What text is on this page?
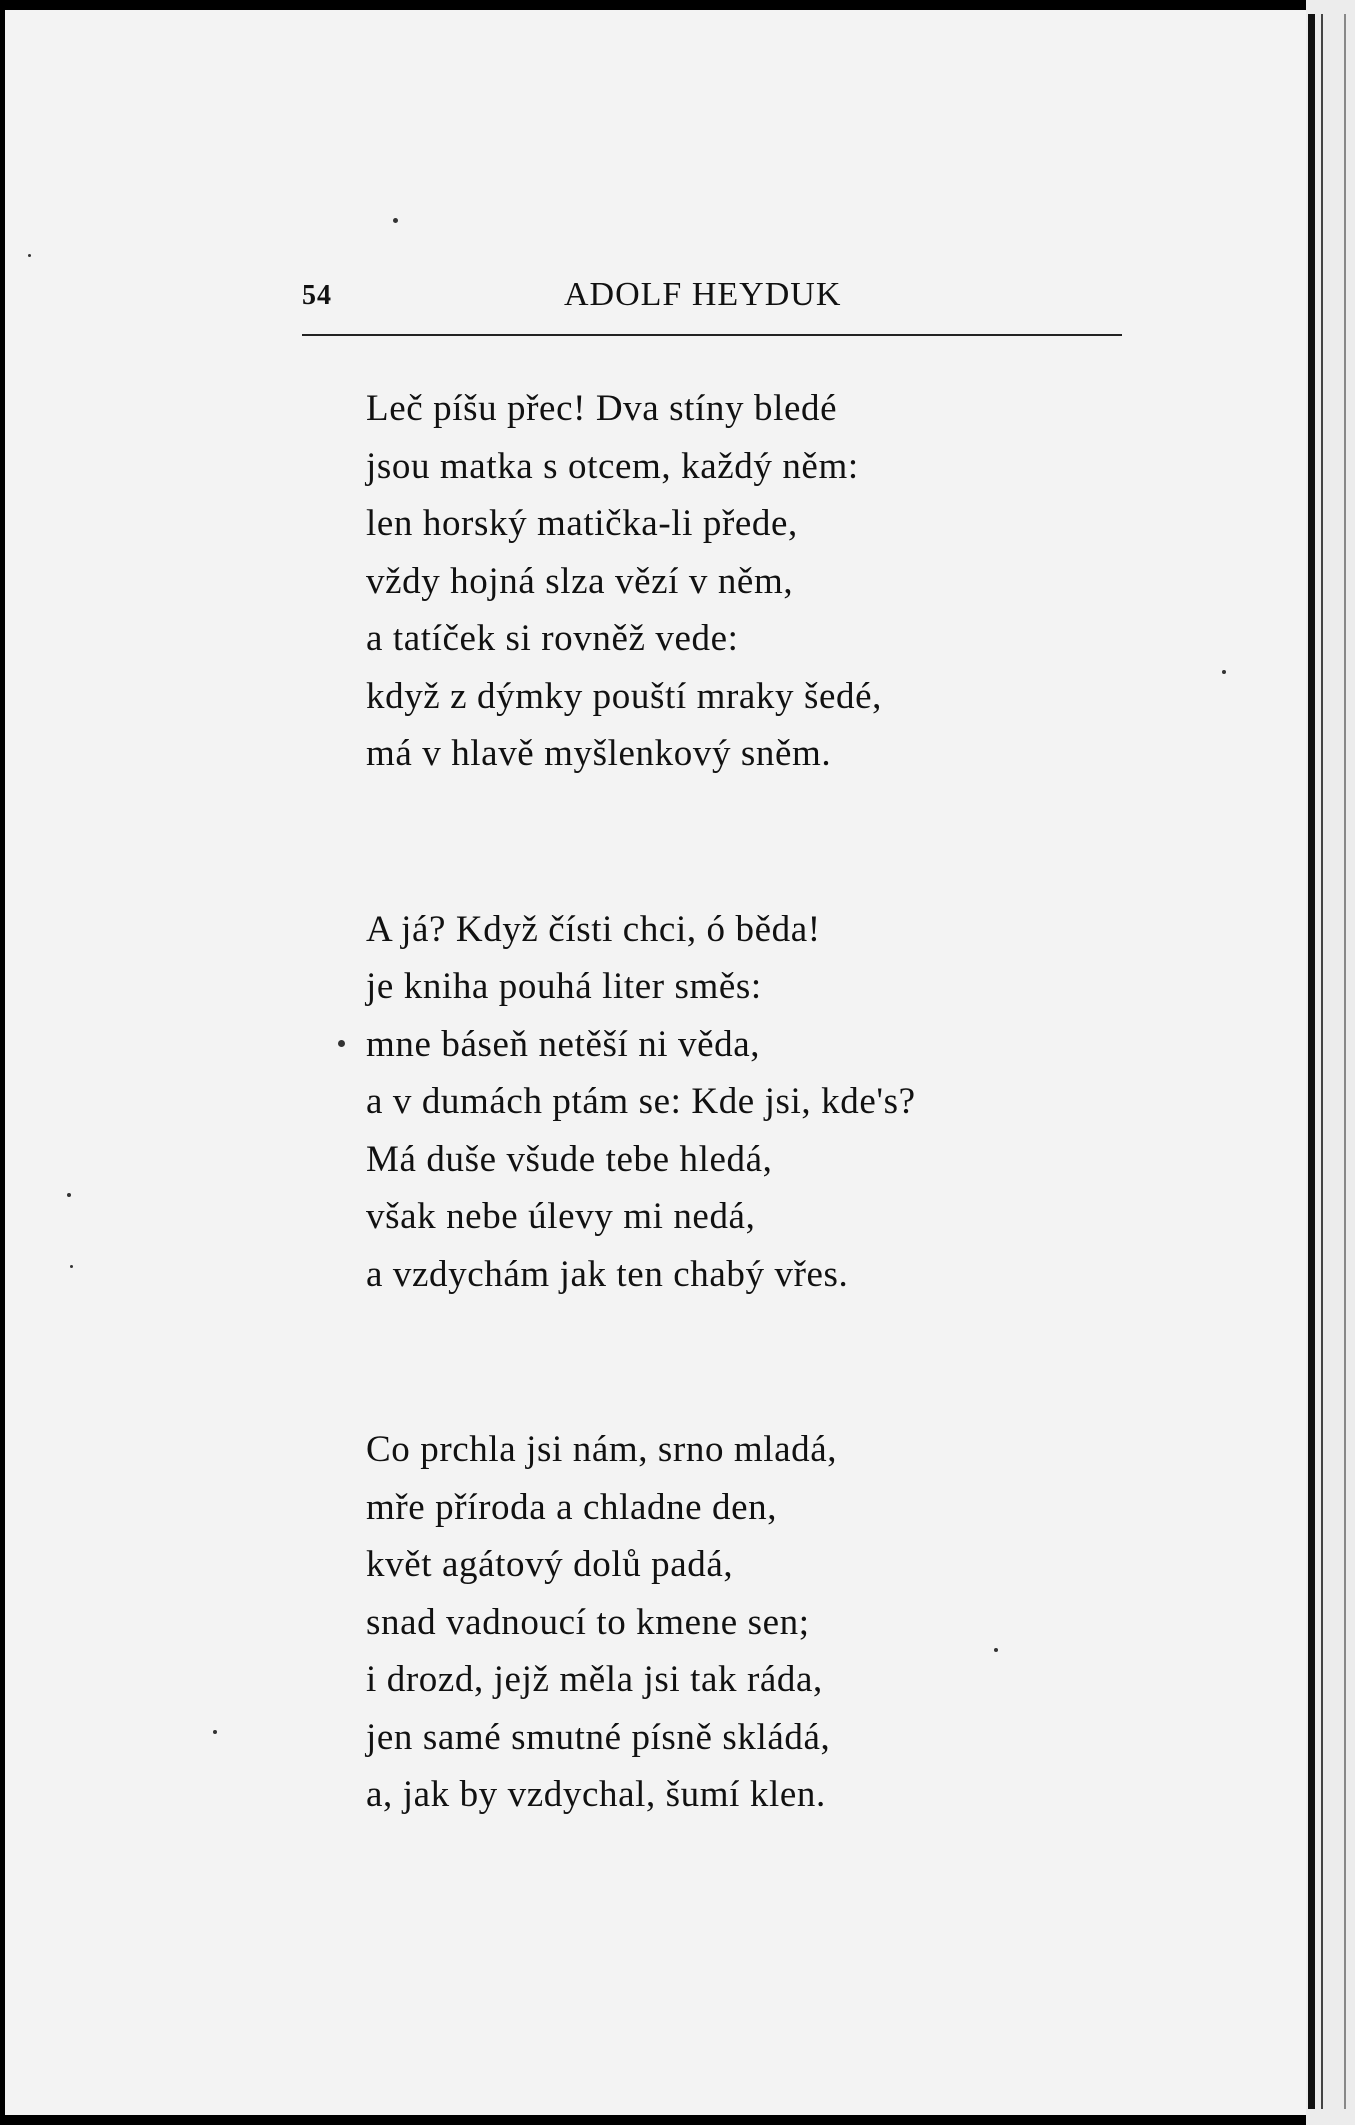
54	ADOLF HEYDUK
Leč píšu přec! Dva stíny bledé
jsou matka s otcem, každý něm:
len horský matička-li přede,
vždy hojná slza vězí v něm,
a tatíček si rovněž vede:
když z dýmky pouští mraky šedé,
má v hlavě myšlenkový sněm.
A já? Když čísti chci, ó běda!
je kniha pouhá liter směs:
mne báseň netěší ni věda,
a v dumách ptám se: Kde jsi, kde's?
Má duše všude tebe hledá,
však nebe úlevy mi nedá,
a vzdychám jak ten chabý vřes.
Co prchla jsi nám, srno mladá,
mře příroda a chladne den,
květ agátový dolů padá,
snad vadnoucí to kmene sen;
i drozd, jejž měla jsi tak ráda,
jen samé smutné písně skládá,
a, jak by vzdychal, šumí klen.
